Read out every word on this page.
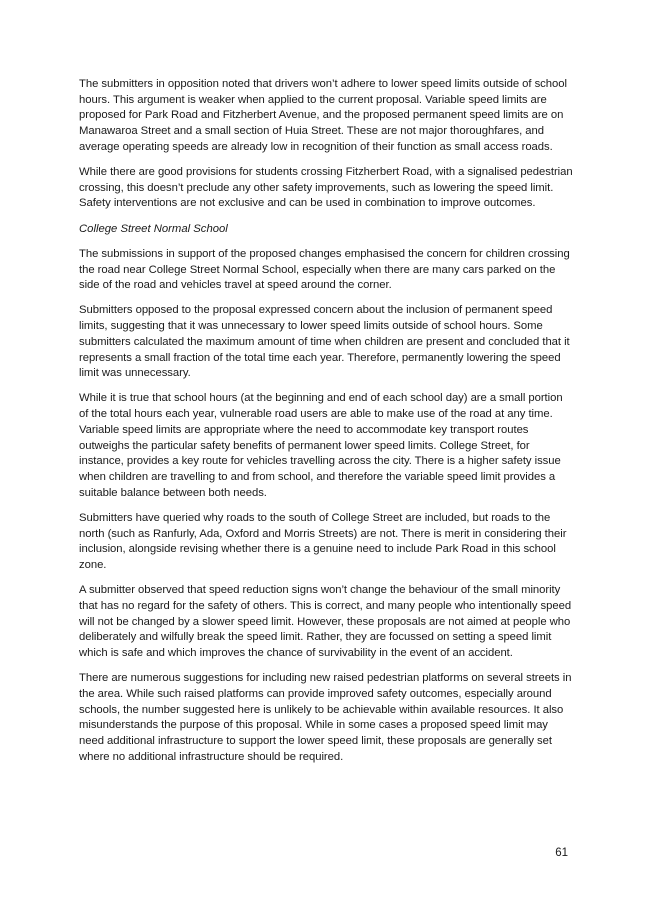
The submitters in opposition noted that drivers won’t adhere to lower speed limits outside of school hours. This argument is weaker when applied to the current proposal. Variable speed limits are proposed for Park Road and Fitzherbert Avenue, and the proposed permanent speed limits are on Manawaroa Street and a small section of Huia Street. These are not major thoroughfares, and average operating speeds are already low in recognition of their function as small access roads.

While there are good provisions for students crossing Fitzherbert Road, with a signalised pedestrian crossing, this doesn’t preclude any other safety improvements, such as lowering the speed limit. Safety interventions are not exclusive and can be used in combination to improve outcomes.

College Street Normal School

The submissions in support of the proposed changes emphasised the concern for children crossing the road near College Street Normal School, especially when there are many cars parked on the side of the road and vehicles travel at speed around the corner.

Submitters opposed to the proposal expressed concern about the inclusion of permanent speed limits, suggesting that it was unnecessary to lower speed limits outside of school hours. Some submitters calculated the maximum amount of time when children are present and concluded that it represents a small fraction of the total time each year. Therefore, permanently lowering the speed limit was unnecessary.

While it is true that school hours (at the beginning and end of each school day) are a small portion of the total hours each year, vulnerable road users are able to make use of the road at any time. Variable speed limits are appropriate where the need to accommodate key transport routes outweighs the particular safety benefits of permanent lower speed limits. College Street, for instance, provides a key route for vehicles travelling across the city. There is a higher safety issue when children are travelling to and from school, and therefore the variable speed limit provides a suitable balance between both needs.

Submitters have queried why roads to the south of College Street are included, but roads to the north (such as Ranfurly, Ada, Oxford and Morris Streets) are not. There is merit in considering their inclusion, alongside revising whether there is a genuine need to include Park Road in this school zone.

A submitter observed that speed reduction signs won’t change the behaviour of the small minority that has no regard for the safety of others. This is correct, and many people who intentionally speed will not be changed by a slower speed limit. However, these proposals are not aimed at people who deliberately and wilfully break the speed limit. Rather, they are focussed on setting a speed limit which is safe and which improves the chance of survivability in the event of an accident.

There are numerous suggestions for including new raised pedestrian platforms on several streets in the area. While such raised platforms can provide improved safety outcomes, especially around schools, the number suggested here is unlikely to be achievable within available resources. It also misunderstands the purpose of this proposal. While in some cases a proposed speed limit may need additional infrastructure to support the lower speed limit, these proposals are generally set where no additional infrastructure should be required.

61
